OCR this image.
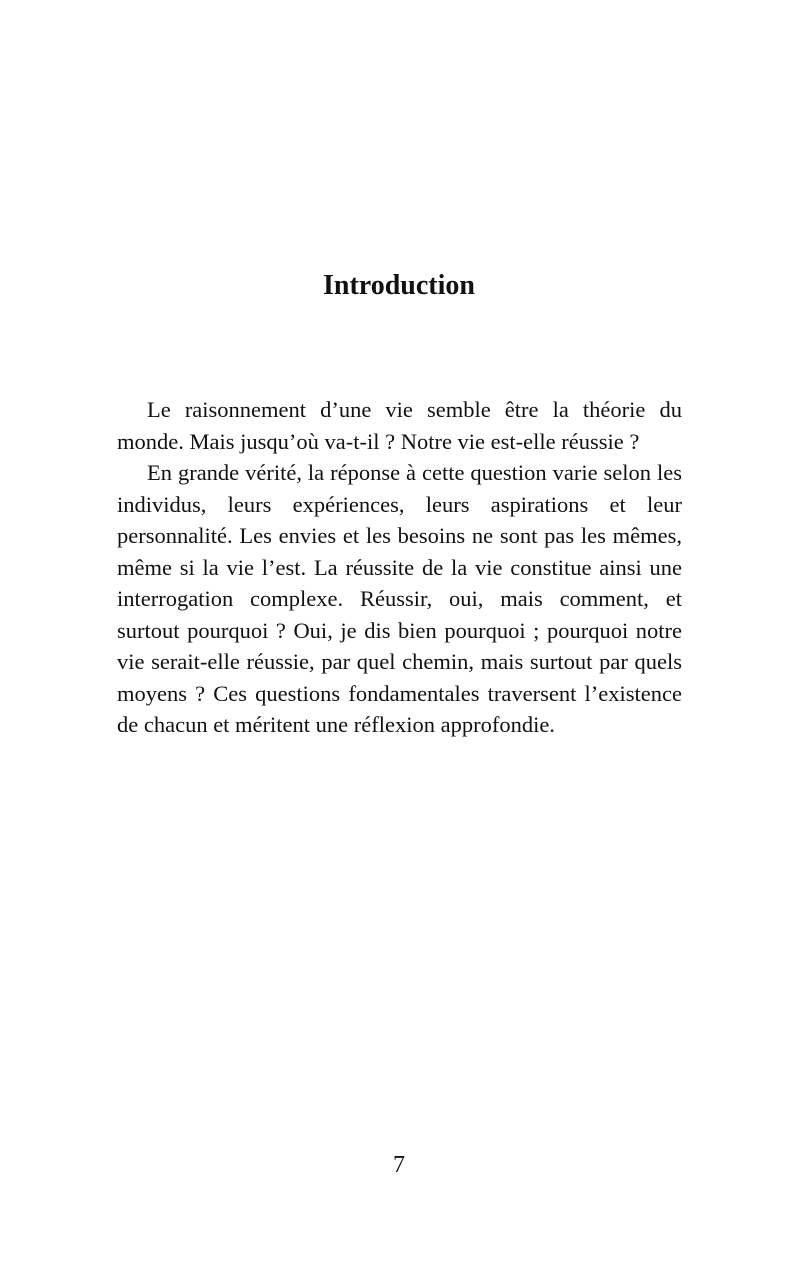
Introduction

Le raisonnement d’une vie semble être la théorie du monde. Mais jusqu’où va-t-il ? Notre vie est-elle réussie ?

En grande vérité, la réponse à cette question varie selon les individus, leurs expériences, leurs aspirations et leur personnalité. Les envies et les besoins ne sont pas les mêmes, même si la vie l’est. La réussite de la vie constitue ainsi une interrogation complexe. Réussir, oui, mais comment, et surtout pourquoi ? Oui, je dis bien pourquoi ; pourquoi notre vie serait-elle réussie, par quel chemin, mais surtout par quels moyens ? Ces questions fondamentales traversent l’existence de chacun et méritent une réflexion approfondie.

7
